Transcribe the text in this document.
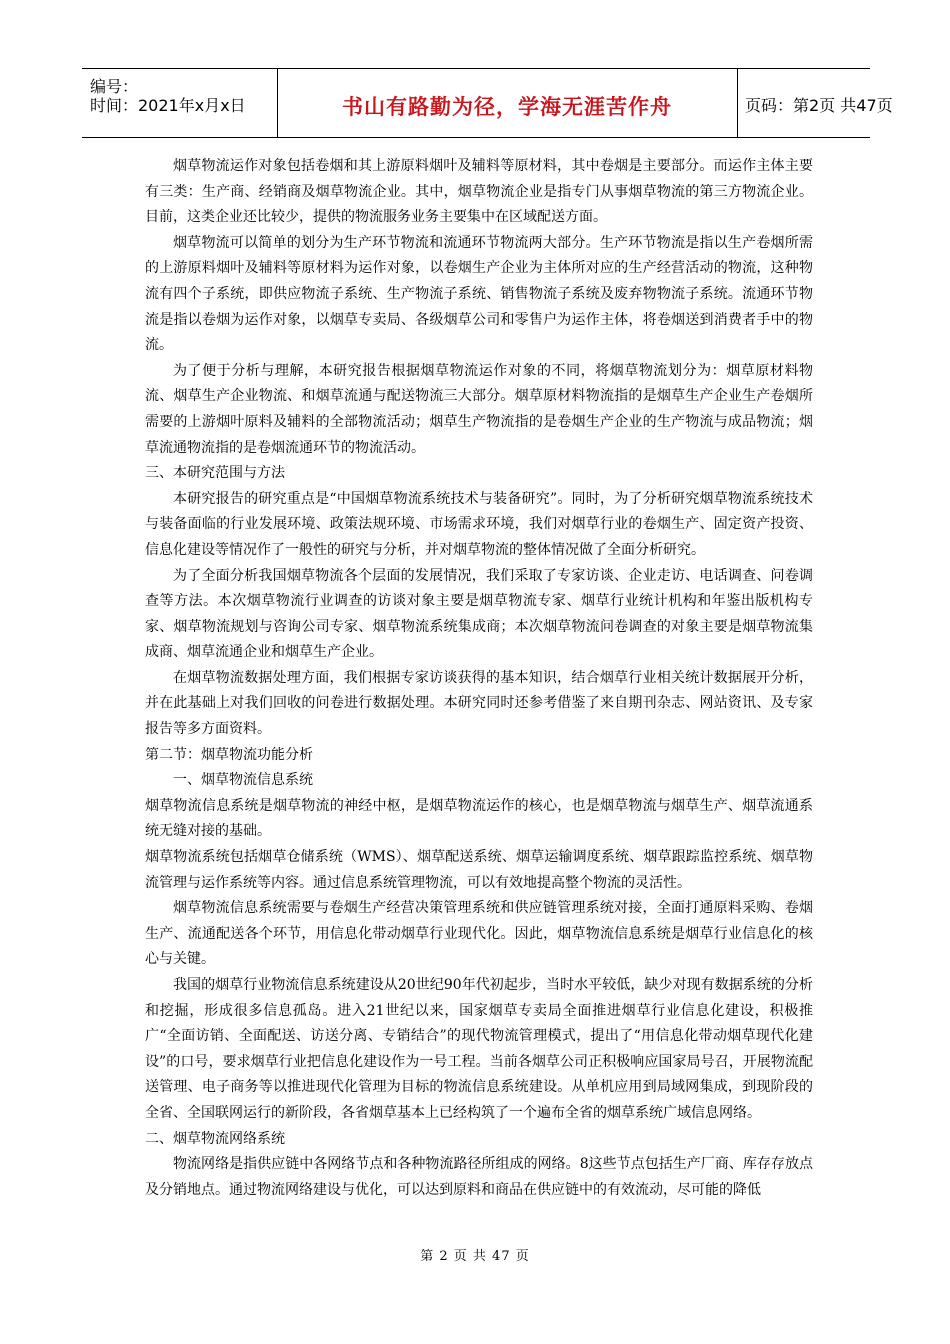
编号：
时间：2021年x月x日	书山有路勤为径，学海无涯苦作舟	页码：第2页 共47页

烟草物流运作对象包括卷烟和其上游原料烟叶及辅料等原材料，其中卷烟是主要部分。而运作主体主要有三类：生产商、经销商及烟草物流企业。其中，烟草物流企业是指专门从事烟草物流的第三方物流企业。目前，这类企业还比较少，提供的物流服务业务主要集中在区域配送方面。

烟草物流可以简单的划分为生产环节物流和流通环节物流两大部分。生产环节物流是指以生产卷烟所需的上游原料烟叶及辅料等原材料为运作对象，以卷烟生产企业为主体所对应的生产经营活动的物流，这种物流有四个子系统，即供应物流子系统、生产物流子系统、销售物流子系统及废弃物物流子系统。流通环节物流是指以卷烟为运作对象，以烟草专卖局、各级烟草公司和零售户为运作主体，将卷烟送到消费者手中的物流。

为了便于分析与理解，本研究报告根据烟草物流运作对象的不同，将烟草物流划分为：烟草原材料物流、烟草生产企业物流、和烟草流通与配送物流三大部分。烟草原材料物流指的是烟草生产企业生产卷烟所需要的上游烟叶原料及辅料的全部物流活动；烟草生产物流指的是卷烟生产企业的生产物流与成品物流；烟草流通物流指的是卷烟流通环节的物流活动。

三、本研究范围与方法

本研究报告的研究重点是“中国烟草物流系统技术与装备研究”。同时，为了分析研究烟草物流系统技术与装备面临的行业发展环境、政策法规环境、市场需求环境，我们对烟草行业的卷烟生产、固定资产投资、信息化建设等情况作了一般性的研究与分析，并对烟草物流的整体情况做了全面分析研究。

为了全面分析我国烟草物流各个层面的发展情况，我们采取了专家访谈、企业走访、电话调查、问卷调查等方法。本次烟草物流行业调查的访谈对象主要是烟草物流专家、烟草行业统计机构和年鉴出版机构专家、烟草物流规划与咨询公司专家、烟草物流系统集成商；本次烟草物流问卷调查的对象主要是烟草物流集成商、烟草流通企业和烟草生产企业。

在烟草物流数据处理方面，我们根据专家访谈获得的基本知识，结合烟草行业相关统计数据展开分析，并在此基础上对我们回收的问卷进行数据处理。本研究同时还参考借鉴了来自期刊杂志、网站资讯、及专家报告等多方面资料。

第二节：烟草物流功能分析

一、烟草物流信息系统

烟草物流信息系统是烟草物流的神经中枢，是烟草物流运作的核心，也是烟草物流与烟草生产、烟草流通系统无缝对接的基础。

烟草物流系统包括烟草仓储系统（WMS）、烟草配送系统、烟草运输调度系统、烟草跟踪监控系统、烟草物流管理与运作系统等内容。通过信息系统管理物流，可以有效地提高整个物流的灵活性。

烟草物流信息系统需要与卷烟生产经营决策管理系统和供应链管理系统对接，全面打通原料采购、卷烟生产、流通配送各个环节，用信息化带动烟草行业现代化。因此，烟草物流信息系统是烟草行业信息化的核心与关键。

我国的烟草行业物流信息系统建设从20世纪90年代初起步，当时水平较低，缺少对现有数据系统的分析和挖掘，形成很多信息孤岛。进入21世纪以来，国家烟草专卖局全面推进烟草行业信息化建设，积极推广“全面访销、全面配送、访送分离、专销结合”的现代物流管理模式，提出了“用信息化带动烟草现代化建设”的口号，要求烟草行业把信息化建设作为一号工程。当前各烟草公司正积极响应国家局号召，开展物流配送管理、电子商务等以推进现代化管理为目标的物流信息系统建设。从单机应用到局域网集成，到现阶段的全省、全国联网运行的新阶段，各省烟草基本上已经构筑了一个遍布全省的烟草系统广域信息网络。

二、烟草物流网络系统

物流网络是指供应链中各网络节点和各种物流路径所组成的网络。8这些节点包括生产厂商、库存存放点及分销地点。通过物流网络建设与优化，可以达到原料和商品在供应链中的有效流动，尽可能的降低

第 2 页 共 47 页
